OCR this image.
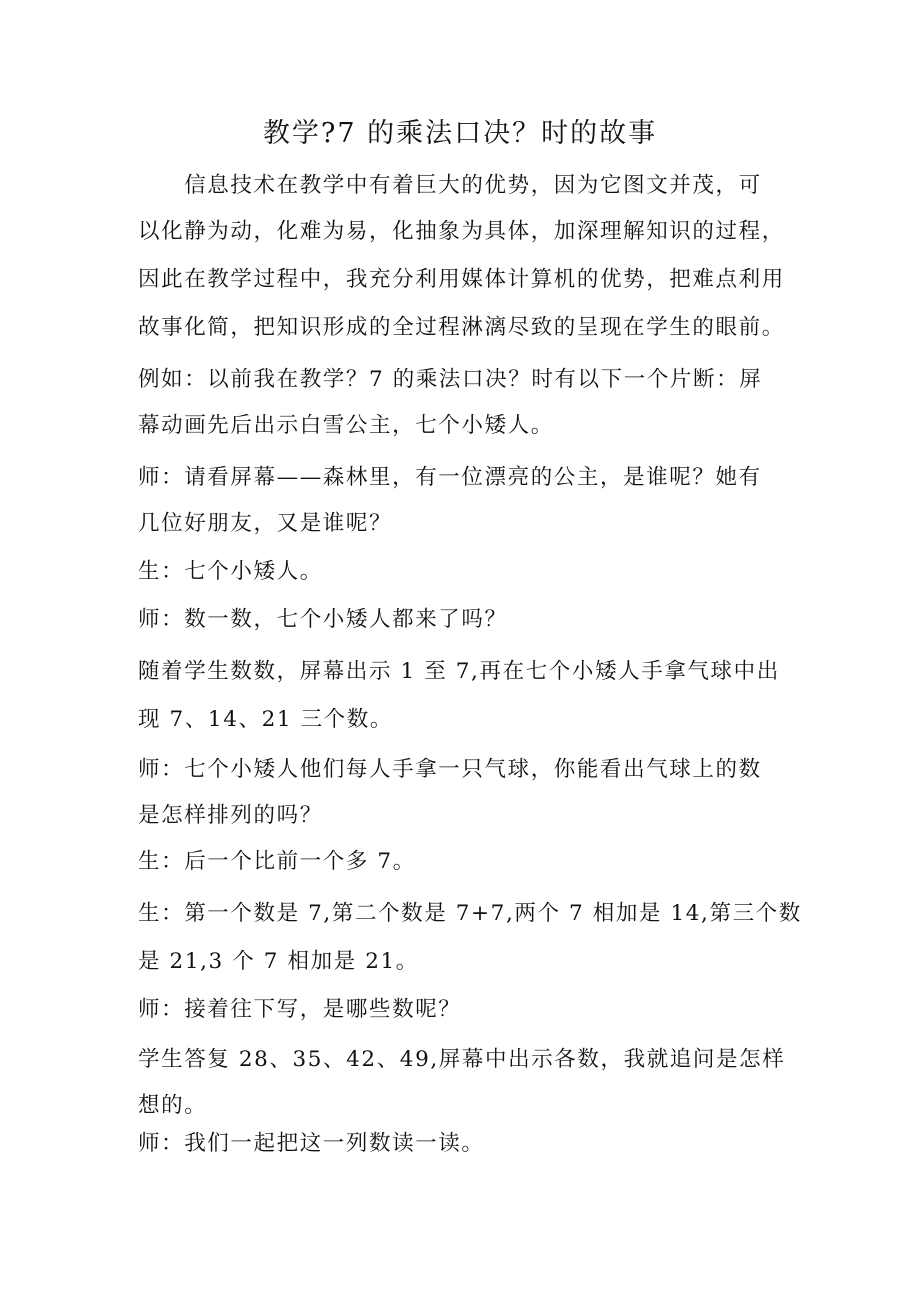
教学?7 的乘法口决？时的故事

　　信息技术在教学中有着巨大的优势，因为它图文并茂，可

以化静为动，化难为易，化抽象为具体，加深理解知识的过程，

因此在教学过程中，我充分利用媒体计算机的优势，把难点利用

故事化简，把知识形成的全过程淋漓尽致的呈现在学生的眼前。

例如：以前我在教学？7 的乘法口决？时有以下一个片断：屏

幕动画先后出示白雪公主，七个小矮人。

师：请看屏幕——森林里，有一位漂亮的公主，是谁呢？她有

几位好朋友，又是谁呢？

生：七个小矮人。

师：数一数，七个小矮人都来了吗？

随着学生数数，屏幕出示 1 至 7,再在七个小矮人手拿气球中出

现 7、14、21 三个数。

师：七个小矮人他们每人手拿一只气球，你能看出气球上的数

是怎样排列的吗？

生：后一个比前一个多 7。

生：第一个数是 7,第二个数是 7+7,两个 7 相加是 14,第三个数

是 21,3 个 7 相加是 21。

师：接着往下写，是哪些数呢？

学生答复 28、35、42、49,屏幕中出示各数，我就追问是怎样

想的。

师：我们一起把这一列数读一读。
